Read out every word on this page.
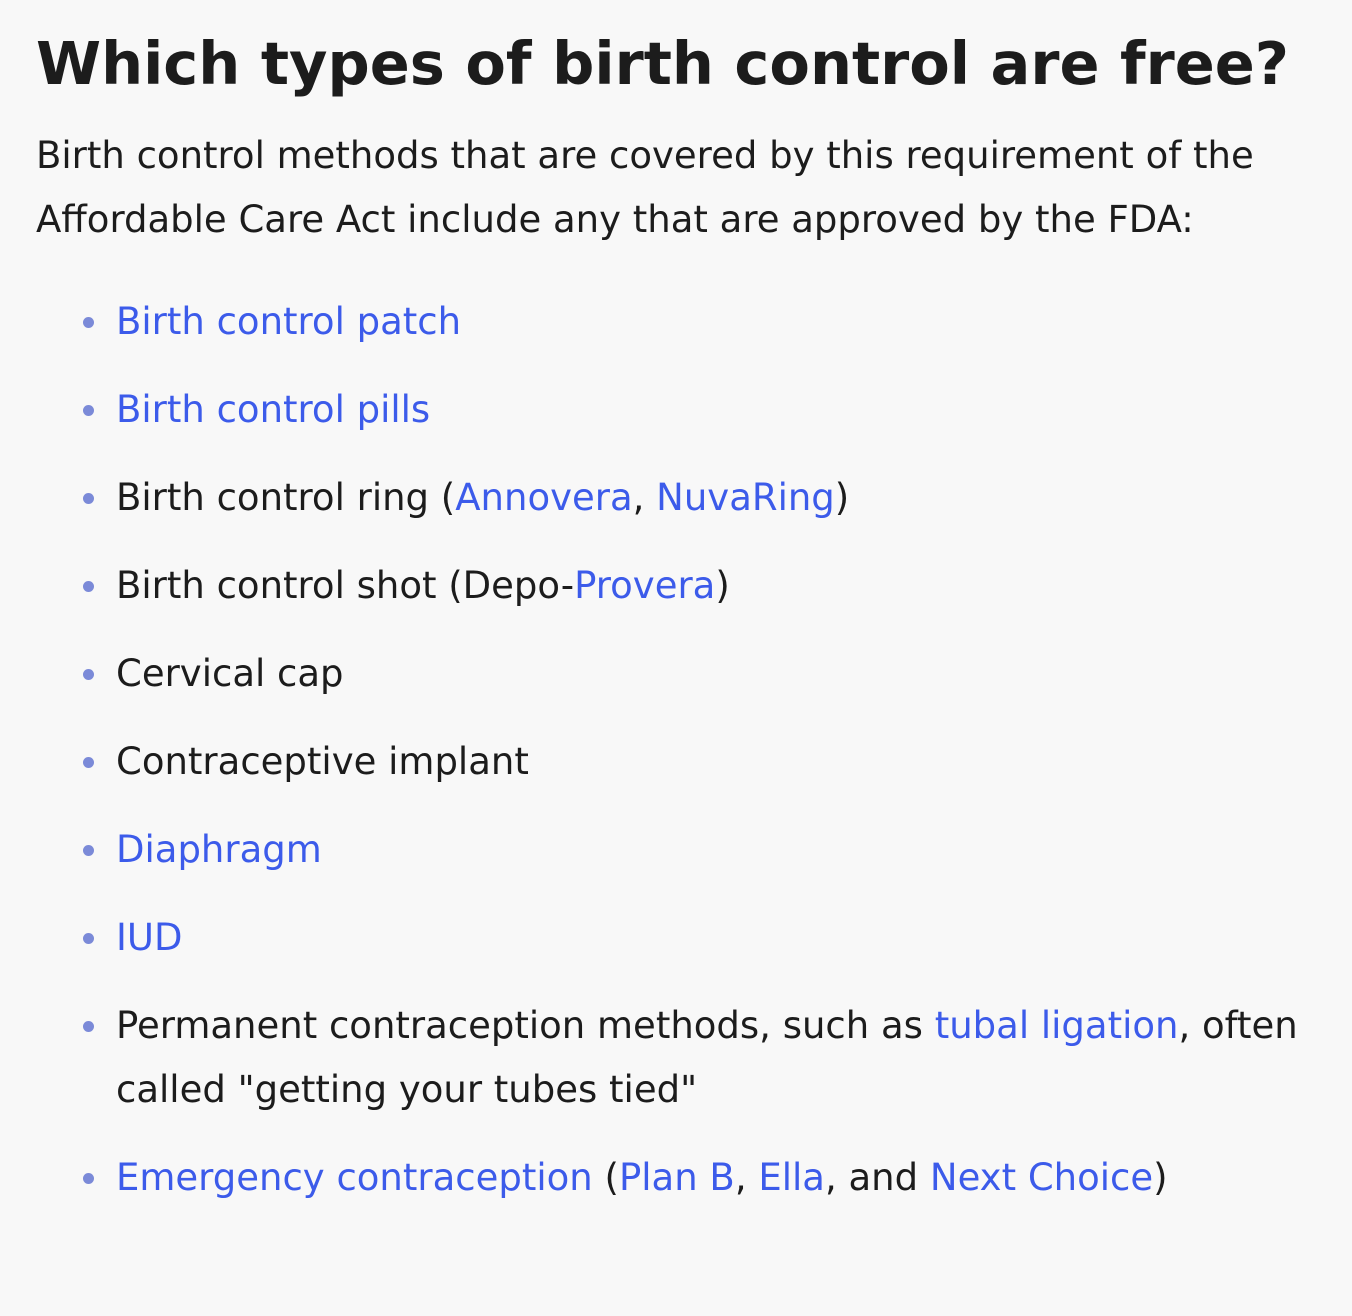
Which types of birth control are free?

Birth control methods that are covered by this requirement of the Affordable Care Act include any that are approved by the FDA:

Birth control patch
Birth control pills
Birth control ring (Annovera, NuvaRing)
Birth control shot (Depo-Provera)
Cervical cap
Contraceptive implant
Diaphragm
IUD
Permanent contraception methods, such as tubal ligation, often called "getting your tubes tied"
Emergency contraception (Plan B, Ella, and Next Choice)
